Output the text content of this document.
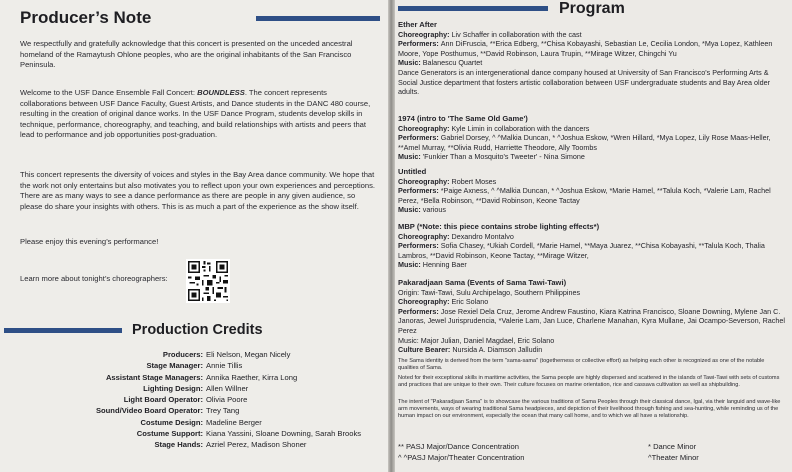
Producer’s Note
We respectfully and gratefully acknowledge that this concert is presented on the unceded ancestral homeland of the Ramaytush Ohlone peoples, who are the original inhabitants of the San Francisco Peninsula.
Welcome to the USF Dance Ensemble Fall Concert: BOUNDLESS. The concert represents collaborations between USF Dance Faculty, Guest Artists, and Dance students in the DANC 480 course, resulting in the creation of original dance works. In the USF Dance Program, students develop skills in technique, performance, choreography, and teaching, and build relationships with artists and peers that lead to performance and job opportunities post-graduation.
This concert represents the diversity of voices and styles in the Bay Area dance community. We hope that the work not only entertains but also motivates you to reflect upon your own experiences and perceptions. There are as many ways to see a dance performance as there are people in any given audience, so please do share your insights with others. This is as much a part of the experience as the show itself.
Please enjoy this evening’s performance!
Learn more about tonight’s choreographers:
Production Credits
Producers: Eli Nelson, Megan Nicely
Stage Manager: Annie Tillis
Assistant Stage Managers: Annika Raether, Kirra Long
Lighting Design: Allen Willner
Light Board Operator: Olivia Poore
Sound/Video Board Operator: Trey Tang
Costume Design: Madeline Berger
Costume Support: Kiana Yassini, Sloane Downing, Sarah Brooks
Stage Hands: Azriel Perez, Madison Shoner
Program
Ether After
Choreography: Liv Schaffer in collaboration with the cast
Performers: Ann DiFruscia, **Erica Edberg, **Chisa Kobayashi, Sebastian Le, Cecilia London, *Mya Lopez, Kathleen Moore, Yope Posthumus, **David Robinson, Laura Trupin, **Mirage Witzer, Chingchi Yu
Music: Balanescu Quartet
Dance Generators is an intergenerational dance company housed at University of San Francisco's Performing Arts & Social Justice department that fosters artistic collaboration between USF undergraduate students and Bay Area older adults.
1974 (intro to 'The Same Old Game')
Choreography: Kyle Limin in collaboration with the dancers
Performers: Gabriel Dorsey, ^ ^Malkia Duncan, * ^Joshua Eskow, *Wren Hillard, *Mya Lopez, Lily Rose Maas-Heller, **Amel Murray, **Olivia Rudd, Harriette Theodore, Ally Toombs
Music: 'Funkier Than a Mosquito's Tweeter' - Nina Simone
Untitled
Choreography: Robert Moses
Performers: *Paige Axness, ^ ^Malkia Duncan, * ^Joshua Eskow, *Marie Hamel, **Talula Koch, *Valerie Lam, Rachel Perez, *Bella Robinson, **David Robinson, Keone Tactay
Music: various
MBP (*Note: this piece contains strobe lighting effects*)
Choreography: Dexandro Montalvo
Performers: Sofia Chasey, *Ukiah Cordell, *Marie Hamel, **Maya Juarez, **Chisa Kobayashi, **Talula Koch, Thalia Lambros, **David Robinson, Keone Tactay, **Mirage Witzer,
Music: Henning Baer
Pakaradjaan Sama (Events of Sama Tawi-Tawi)
Origin: Tawi-Tawi, Sulu Archipelago, Southern Philippines
Choreography: Eric Solano
Performers: Jose Rexiel Dela Cruz, Jerome Andrew Faustino, Kiara Katrina Francisco, Sloane Downing, Mylene Jan C. Janoras, Jewel Jurisprudencia, *Valerie Lam, Jan Luce, Charlene Manahan, Kyra Mullane, Jai Ocampo-Severson, Rachel Perez
Music: Major Julian, Daniel Magdael, Eric Solano
Culture Bearer: Nursida A. Diamson Jalludin
The Sama identity is derived from the term "sama-sama" (togetherness or collective effort) as helping each other is recognized as one of the notable qualities of Sama.
Noted for their exceptional skills in maritime activities, the Sama people are highly dispersed and scattered in the islands of Tawi-Tawi with sets of customs and practices that are unique to their own. Their culture focuses on marine orientation, rice and cassava cultivation as well as shipbuilding.
The intent of "Pakaradjaan Sama" is to showcase the various traditions of Sama Peoples through their classical dance, Igal, via their languid and wave-like arm movements, ways of wearing traditional Sama headpieces, and depiction of their livelihood through fishing and sea-hunting, while reminding us of the human impact on our environment, especially the ocean that many call home, and to which we all have a relationship.
** PASJ Major/Dance Concentration
^ ^PASJ Major/Theater Concentration
* Dance Minor
^Theater Minor
